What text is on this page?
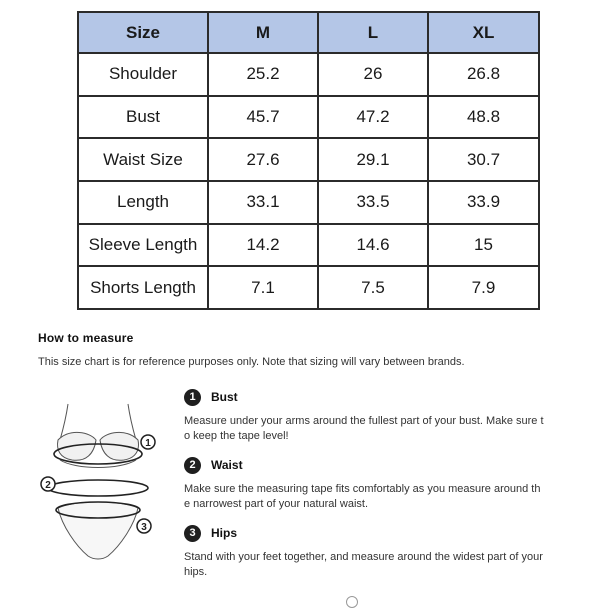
Size	M	L	XL
Shoulder	25.2	26	26.8
Bust	45.7	47.2	48.8
Waist Size	27.6	29.1	30.7
Length	33.1	33.5	33.9
Sleeve Length	14.2	14.6	15
Shorts Length	7.1	7.5	7.9
How to measure
This size chart is for reference purposes only. Note that sizing will vary between brands.
1
2
3
1	Bust
Measure under your arms around the fullest part of your bust. Make sure to keep the tape level!
2	Waist
Make sure the measuring tape fits comfortably as you measure around the narrowest part of your natural waist.
3	Hips
Stand with your feet together, and measure around the widest part of your hips.
